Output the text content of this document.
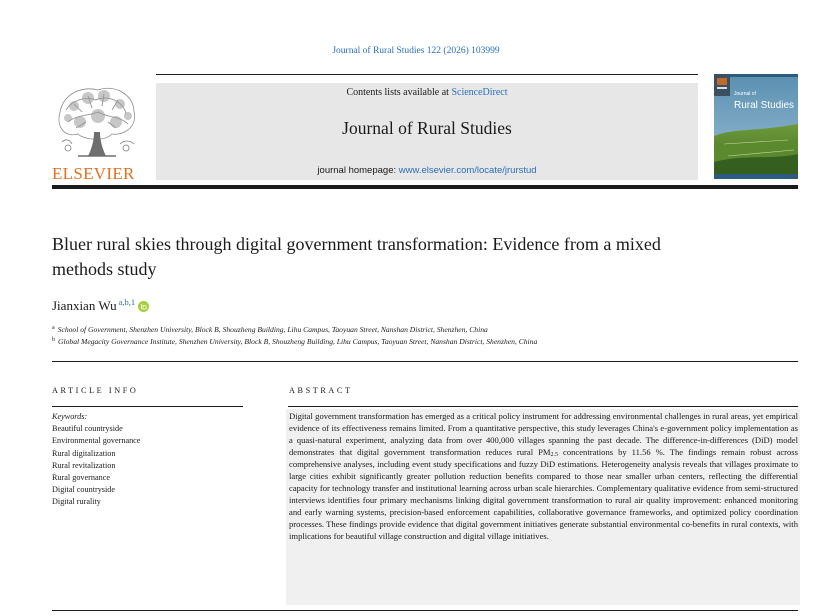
Journal of Rural Studies 122 (2026) 103999
ELSEVIER
Contents lists available at ScienceDirect
Journal of Rural Studies
journal homepage: www.elsevier.com/locate/jrurstud
Journal of
Rural Studies
Bluer rural skies through digital government transformation: Evidence from a mixed methods study
Jianxian Wu $^{a,b,1}$
$^a$ School of Government, Shenzhen University, Block B, Shouzheng Building, Lihu Campus, Taoyuan Street, Nanshan District, Shenzhen, China
$^b$ Global Megacity Governance Institute, Shenzhen University, Block B, Shouzheng Building, Lihu Campus, Taoyuan Street, Nanshan District, Shenzhen, China
ARTICLE INFO	ABSTRACT
Keywords:
Beautiful countryside
Environmental governance
Rural digitalization
Rural revitalization
Rural governance
Digital countryside
Digital rurality

Digital government transformation has emerged as a critical policy instrument for addressing environmental challenges in rural areas, yet empirical evidence of its effectiveness remains limited. From a quantitative perspective, this study leverages China's e-government policy implementation as a quasi-natural experiment, analyzing data from over 400,000 villages spanning the past decade. The difference-in-differences (DiD) model demonstrates that digital government transformation reduces rural $PM_{2.5}$ concentrations by 11.56 %. The findings remain robust across comprehensive analyses, including event study specifications and fuzzy DiD estimations. Heterogeneity analysis reveals that villages proximate to large cities exhibit significantly greater pollution reduction benefits compared to those near smaller urban centers, reflecting the differential capacity for technology transfer and institutional learning across urban scale hierarchies. Complementary qualitative evidence from semi-structured interviews identifies four primary mechanisms linking digital government transformation to rural air quality improvement: enhanced monitoring and early warning systems, precision-based enforcement capabilities, collaborative governance frameworks, and optimized policy coordination processes. These findings provide evidence that digital government initiatives generate substantial environmental co-benefits in rural contexts, with implications for beautiful village construction and digital village initiatives.
